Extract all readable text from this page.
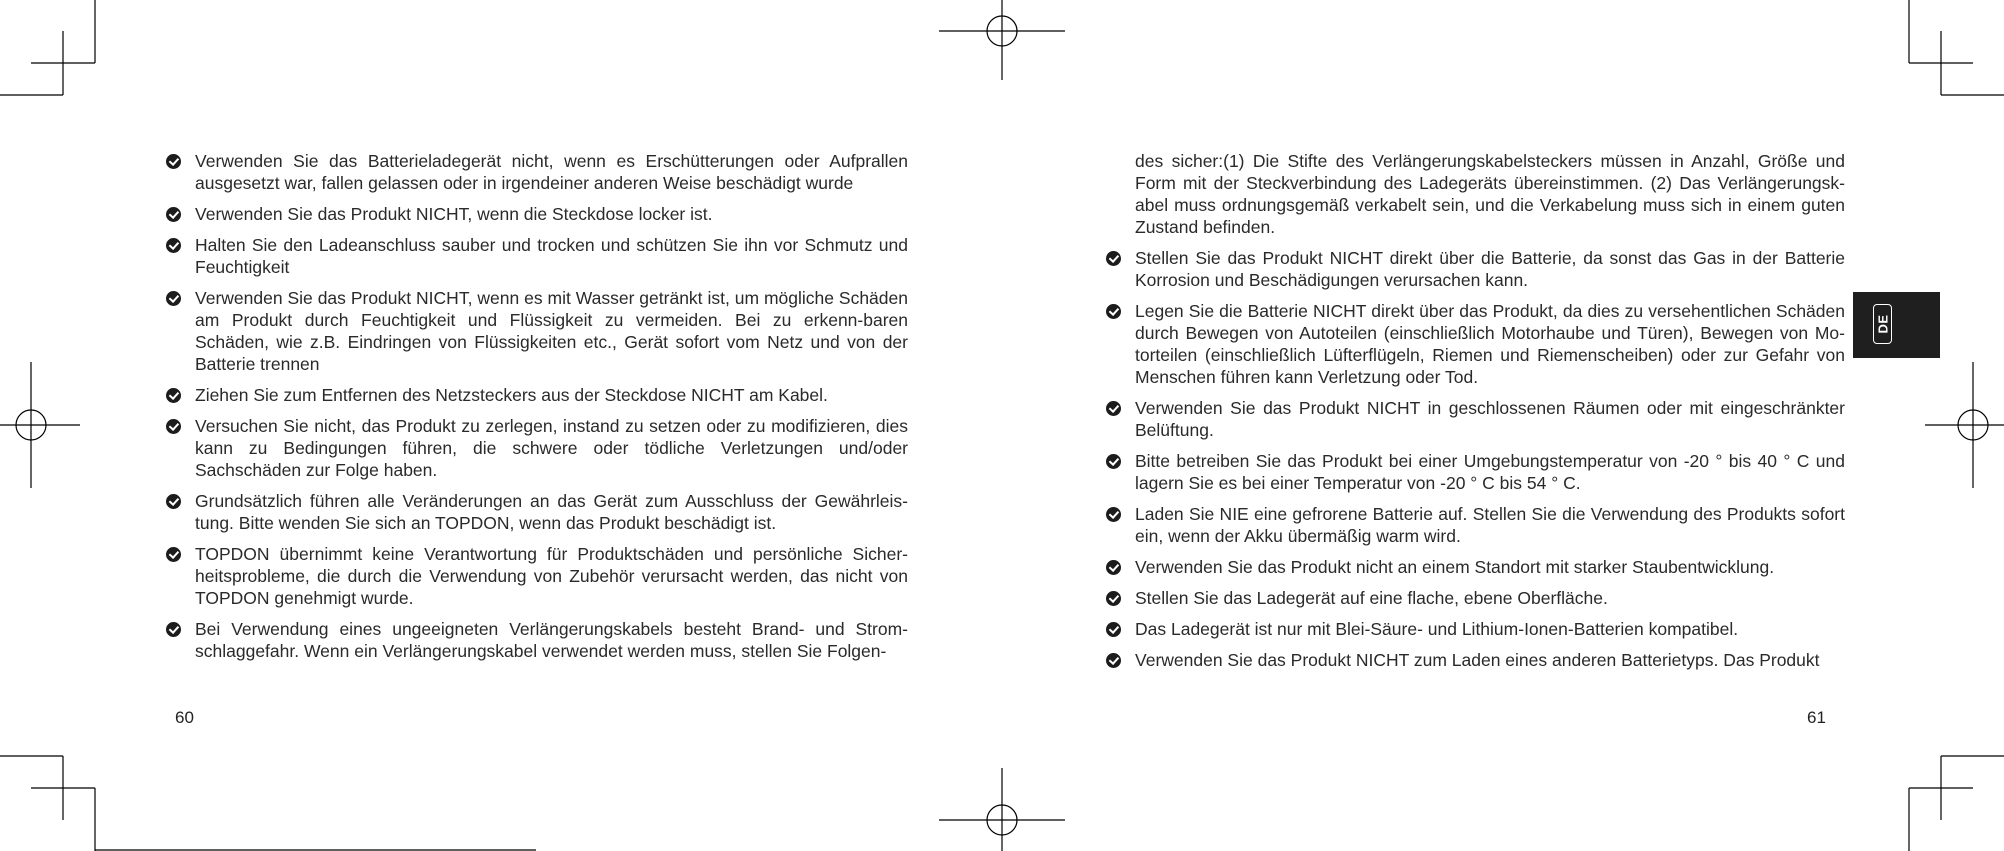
Verwenden Sie das Batterieladegerät nicht, wenn es Erschütterungen oder Aufprallen ausgesetzt war, fallen gelassen oder in irgendeiner anderen Weise beschädigt wurde
Verwenden Sie das Produkt NICHT, wenn die Steckdose locker ist.
Halten Sie den Ladeanschluss sauber und trocken und schützen Sie ihn vor Schmutz und Feuchtigkeit
Verwenden Sie das Produkt NICHT, wenn es mit Wasser getränkt ist, um mögliche Schäden am Produkt durch Feuchtigkeit und Flüssigkeit zu vermeiden. Bei zu erkenn-baren Schäden, wie z.B. Eindringen von Flüssigkeiten etc., Gerät sofort vom Netz und von der Batterie trennen
Ziehen Sie zum Entfernen des Netzsteckers aus der Steckdose NICHT am Kabel.
Versuchen Sie nicht, das Produkt zu zerlegen, instand zu setzen oder zu modifizieren, dies kann zu Bedingungen führen, die schwere oder tödliche Verletzungen und/oder Sachschäden zur Folge haben.
Grundsätzlich führen alle Veränderungen an das Gerät zum Ausschluss der Gewährleis-tung. Bitte wenden Sie sich an TOPDON, wenn das Produkt beschädigt ist.
TOPDON übernimmt keine Verantwortung für Produktschäden und persönliche Sicher-heitsprobleme, die durch die Verwendung von Zubehör verursacht werden, das nicht von TOPDON genehmigt wurde.
Bei Verwendung eines ungeeigneten Verlängerungskabels besteht Brand- und Strom-schlaggefahr. Wenn ein Verlängerungskabel verwendet werden muss, stellen Sie Folgen-
60
des sicher:(1) Die Stifte des Verlängerungskabelsteckers müssen in Anzahl, Größe und Form mit der Steckverbindung des Ladegeräts übereinstimmen. (2) Das Verlängerungsk-abel muss ordnungsgemäß verkabelt sein, und die Verkabelung muss sich in einem guten Zustand befinden.
Stellen Sie das Produkt NICHT direkt über die Batterie, da sonst das Gas in der Batterie Korrosion und Beschädigungen verursachen kann.
Legen Sie die Batterie NICHT direkt über das Produkt, da dies zu versehentlichen Schäden durch Bewegen von Autoteilen (einschließlich Motorhaube und Türen), Bewegen von Mo-torteilen (einschließlich Lüfterflügeln, Riemen und Riemenscheiben) oder zur Gefahr von Menschen führen kann Verletzung oder Tod.
Verwenden Sie das Produkt NICHT in geschlossenen Räumen oder mit eingeschränkter Belüftung.
Bitte betreiben Sie das Produkt bei einer Umgebungstemperatur von -20 ° bis 40 ° C und lagern Sie es bei einer Temperatur von -20 ° C bis 54 ° C.
Laden Sie NIE eine gefrorene Batterie auf. Stellen Sie die Verwendung des Produkts sofort ein, wenn der Akku übermäßig warm wird.
Verwenden Sie das Produkt nicht an einem Standort mit starker Staubentwicklung.
Stellen Sie das Ladegerät auf eine flache, ebene Oberfläche.
Das Ladegerät ist nur mit Blei-Säure- und Lithium-Ionen-Batterien kompatibel.
Verwenden Sie das Produkt NICHT zum Laden eines anderen Batterietyps. Das Produkt
61
DE
